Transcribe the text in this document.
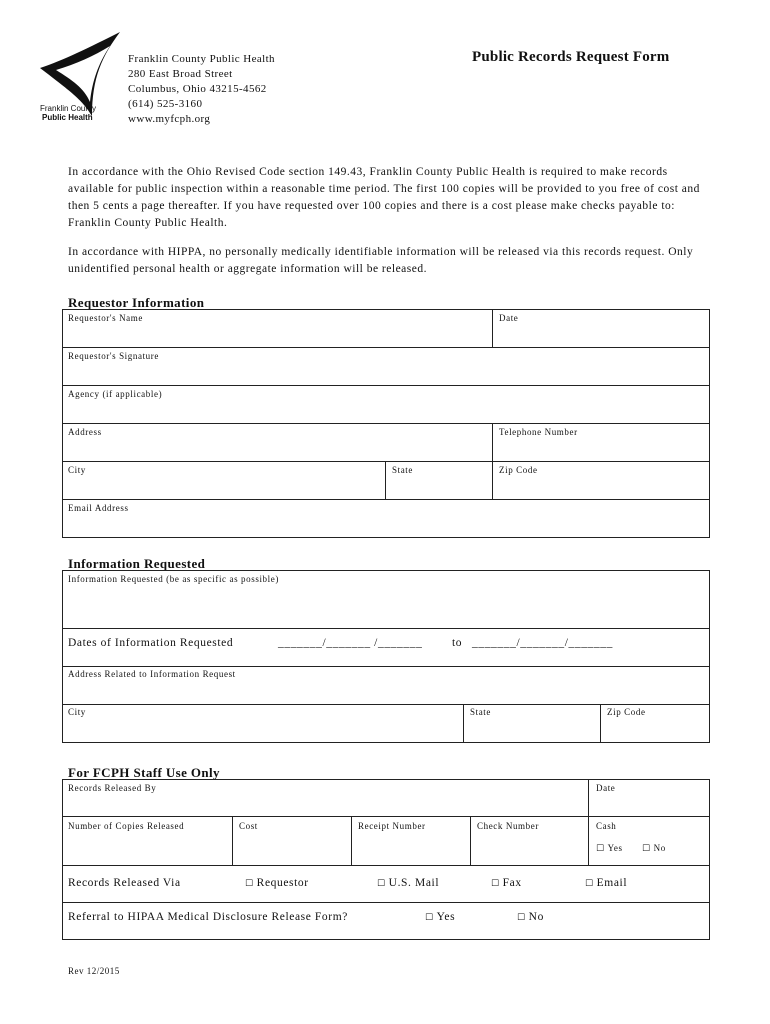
Franklin County
Public Health
Franklin County Public Health
280 East Broad Street
Columbus, Ohio 43215-4562
(614) 525-3160
www.myfcph.org
Public Records Request Form
In accordance with the Ohio Revised Code section 149.43, Franklin County Public Health is required to make records available for public inspection within a reasonable time period. The first 100 copies will be provided to you free of cost and then 5 cents a page thereafter. If you have requested over 100 copies and there is a cost please make checks payable to: Franklin County Public Health.
In accordance with HIPPA, no personally medically identifiable information will be released via this records request. Only unidentified personal health or aggregate information will be released.
Requestor Information
Requestor's Name	Date
Requestor's Signature
Agency (if applicable)
Address	Telephone Number
City	State	Zip Code
Email Address
Information Requested
Information Requested (be as specific as possible)
Dates of Information Requested	_______/_______ /_______	to _______/_______/_______
Address Related to Information Request
City	State	Zip Code
For FCPH Staff Use Only
Records Released By	Date
Number of Copies Released	Cost	Receipt Number	Check Number	Cash
☐ Yes ☐ No
Records Released Via	☐ Requestor	☐ U.S. Mail	☐ Fax	☐ Email
Referral to HIPAA Medical Disclosure Release Form?	☐ Yes	☐ No
Rev 12/2015
